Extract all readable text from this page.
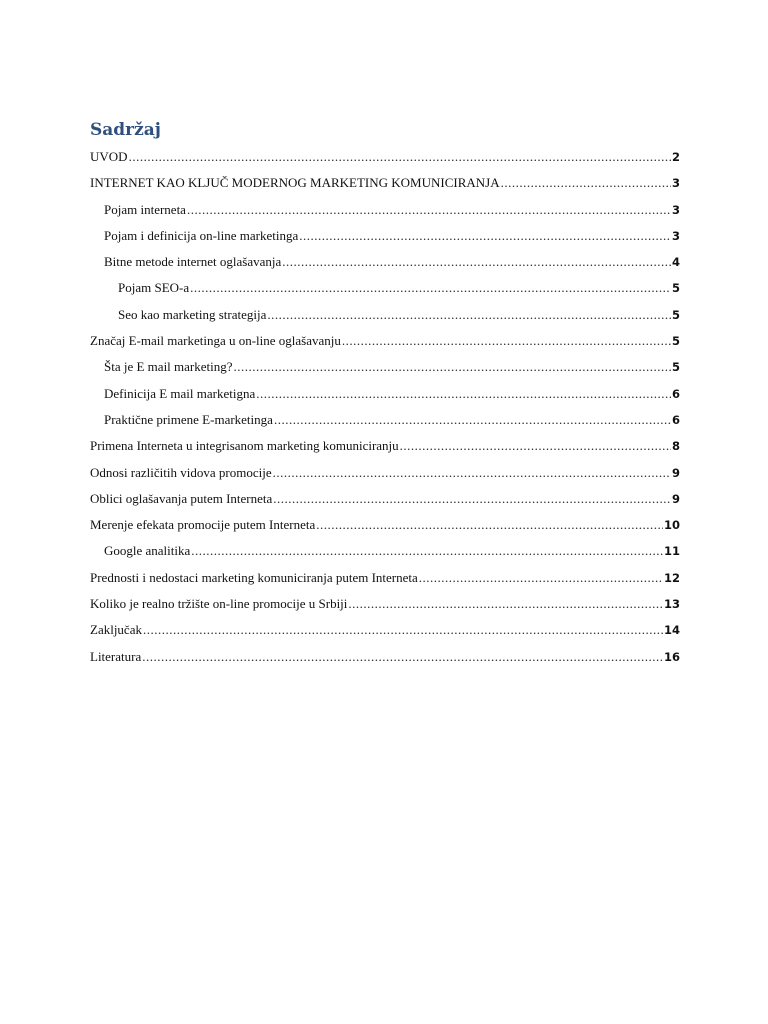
Sadržaj
UVOD .....	2
INTERNET KAO KLJUČ MODERNOG MARKETING KOMUNICIRANJA .....	3
Pojam interneta .....	3
Pojam i definicija on-line marketinga .....	3
Bitne metode internet oglašavanja .....	4
Pojam SEO-a .....	5
Seo kao marketing strategija .....	5
Značaj E-mail marketinga u on-line oglašavanju .....	5
Šta je E mail marketing? .....	5
Definicija E mail marketigna .....	6
Praktične primene E-marketinga .....	6
Primena Interneta u integrisanom marketing komuniciranju .....	8
Odnosi različitih vidova promocije .....	9
Oblici oglašavanja putem Interneta .....	9
Merenje efekata promocije putem Interneta .....	10
Google analitika .....	11
Prednosti i nedostaci marketing komuniciranja putem Interneta .....	12
Koliko je realno tržište on-line promocije u Srbiji .....	13
Zaključak .....	14
Literatura .....	16
